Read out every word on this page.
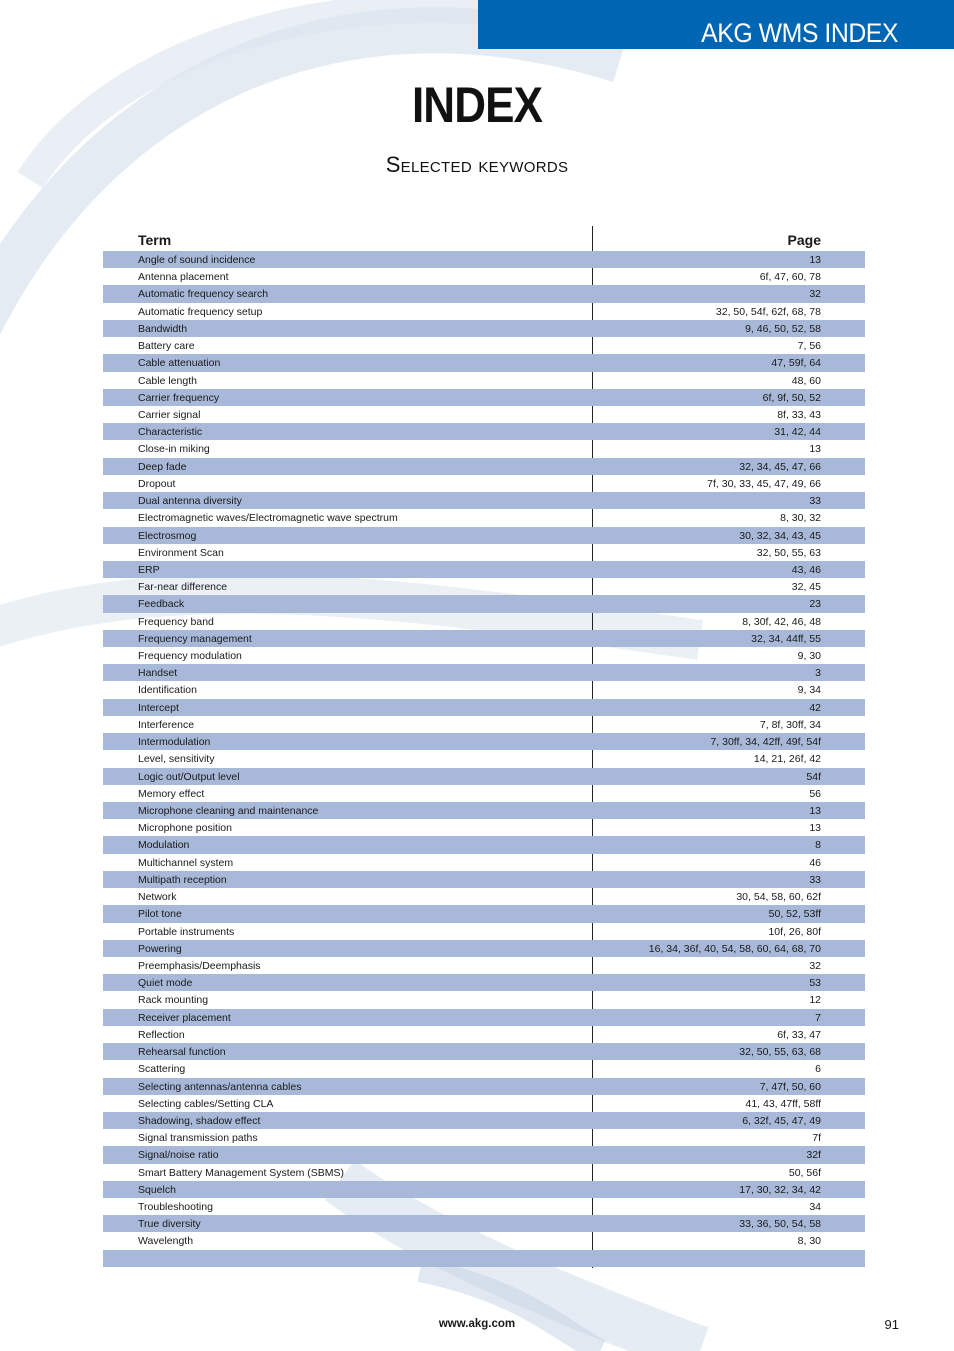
AKG WMS INDEX
INDEX
Selected keywords
Term	Page
Angle of sound incidence	13
Antenna placement	6f, 47, 60, 78
Automatic frequency search	32
Automatic frequency setup	32, 50, 54f, 62f, 68, 78
Bandwidth	9, 46, 50, 52, 58
Battery care	7, 56
Cable attenuation	47, 59f, 64
Cable length	48, 60
Carrier frequency	6f, 9f, 50, 52
Carrier signal	8f, 33, 43
Characteristic	31, 42, 44
Close-in miking	13
Deep fade	32, 34, 45, 47, 66
Dropout	7f, 30, 33, 45, 47, 49, 66
Dual antenna diversity	33
Electromagnetic waves/Electromagnetic wave spectrum	8, 30, 32
Electrosmog	30, 32, 34, 43, 45
Environment Scan	32, 50, 55, 63
ERP	43, 46
Far-near difference	32, 45
Feedback	23
Frequency band	8, 30f, 42, 46, 48
Frequency management	32, 34, 44ff, 55
Frequency modulation	9, 30
Handset	3
Identification	9, 34
Intercept	42
Interference	7, 8f, 30ff, 34
Intermodulation	7, 30ff, 34, 42ff, 49f, 54f
Level, sensitivity	14, 21, 26f, 42
Logic out/Output level	54f
Memory effect	56
Microphone cleaning and maintenance	13
Microphone position	13
Modulation	8
Multichannel system	46
Multipath reception	33
Network	30, 54, 58, 60, 62f
Pilot tone	50, 52, 53ff
Portable instruments	10f, 26, 80f
Powering	16, 34, 36f, 40, 54, 58, 60, 64, 68, 70
Preemphasis/Deemphasis	32
Quiet mode	53
Rack mounting	12
Receiver placement	7
Reflection	6f, 33, 47
Rehearsal function	32, 50, 55, 63, 68
Scattering	6
Selecting antennas/antenna cables	7, 47f, 50, 60
Selecting cables/Setting CLA	41, 43, 47ff, 58ff
Shadowing, shadow effect	6, 32f, 45, 47, 49
Signal transmission paths	7f
Signal/noise ratio	32f
Smart Battery Management System (SBMS)	50, 56f
Squelch	17, 30, 32, 34, 42
Troubleshooting	34
True diversity	33, 36, 50, 54, 58
Wavelength	8, 30
www.akg.com	91
